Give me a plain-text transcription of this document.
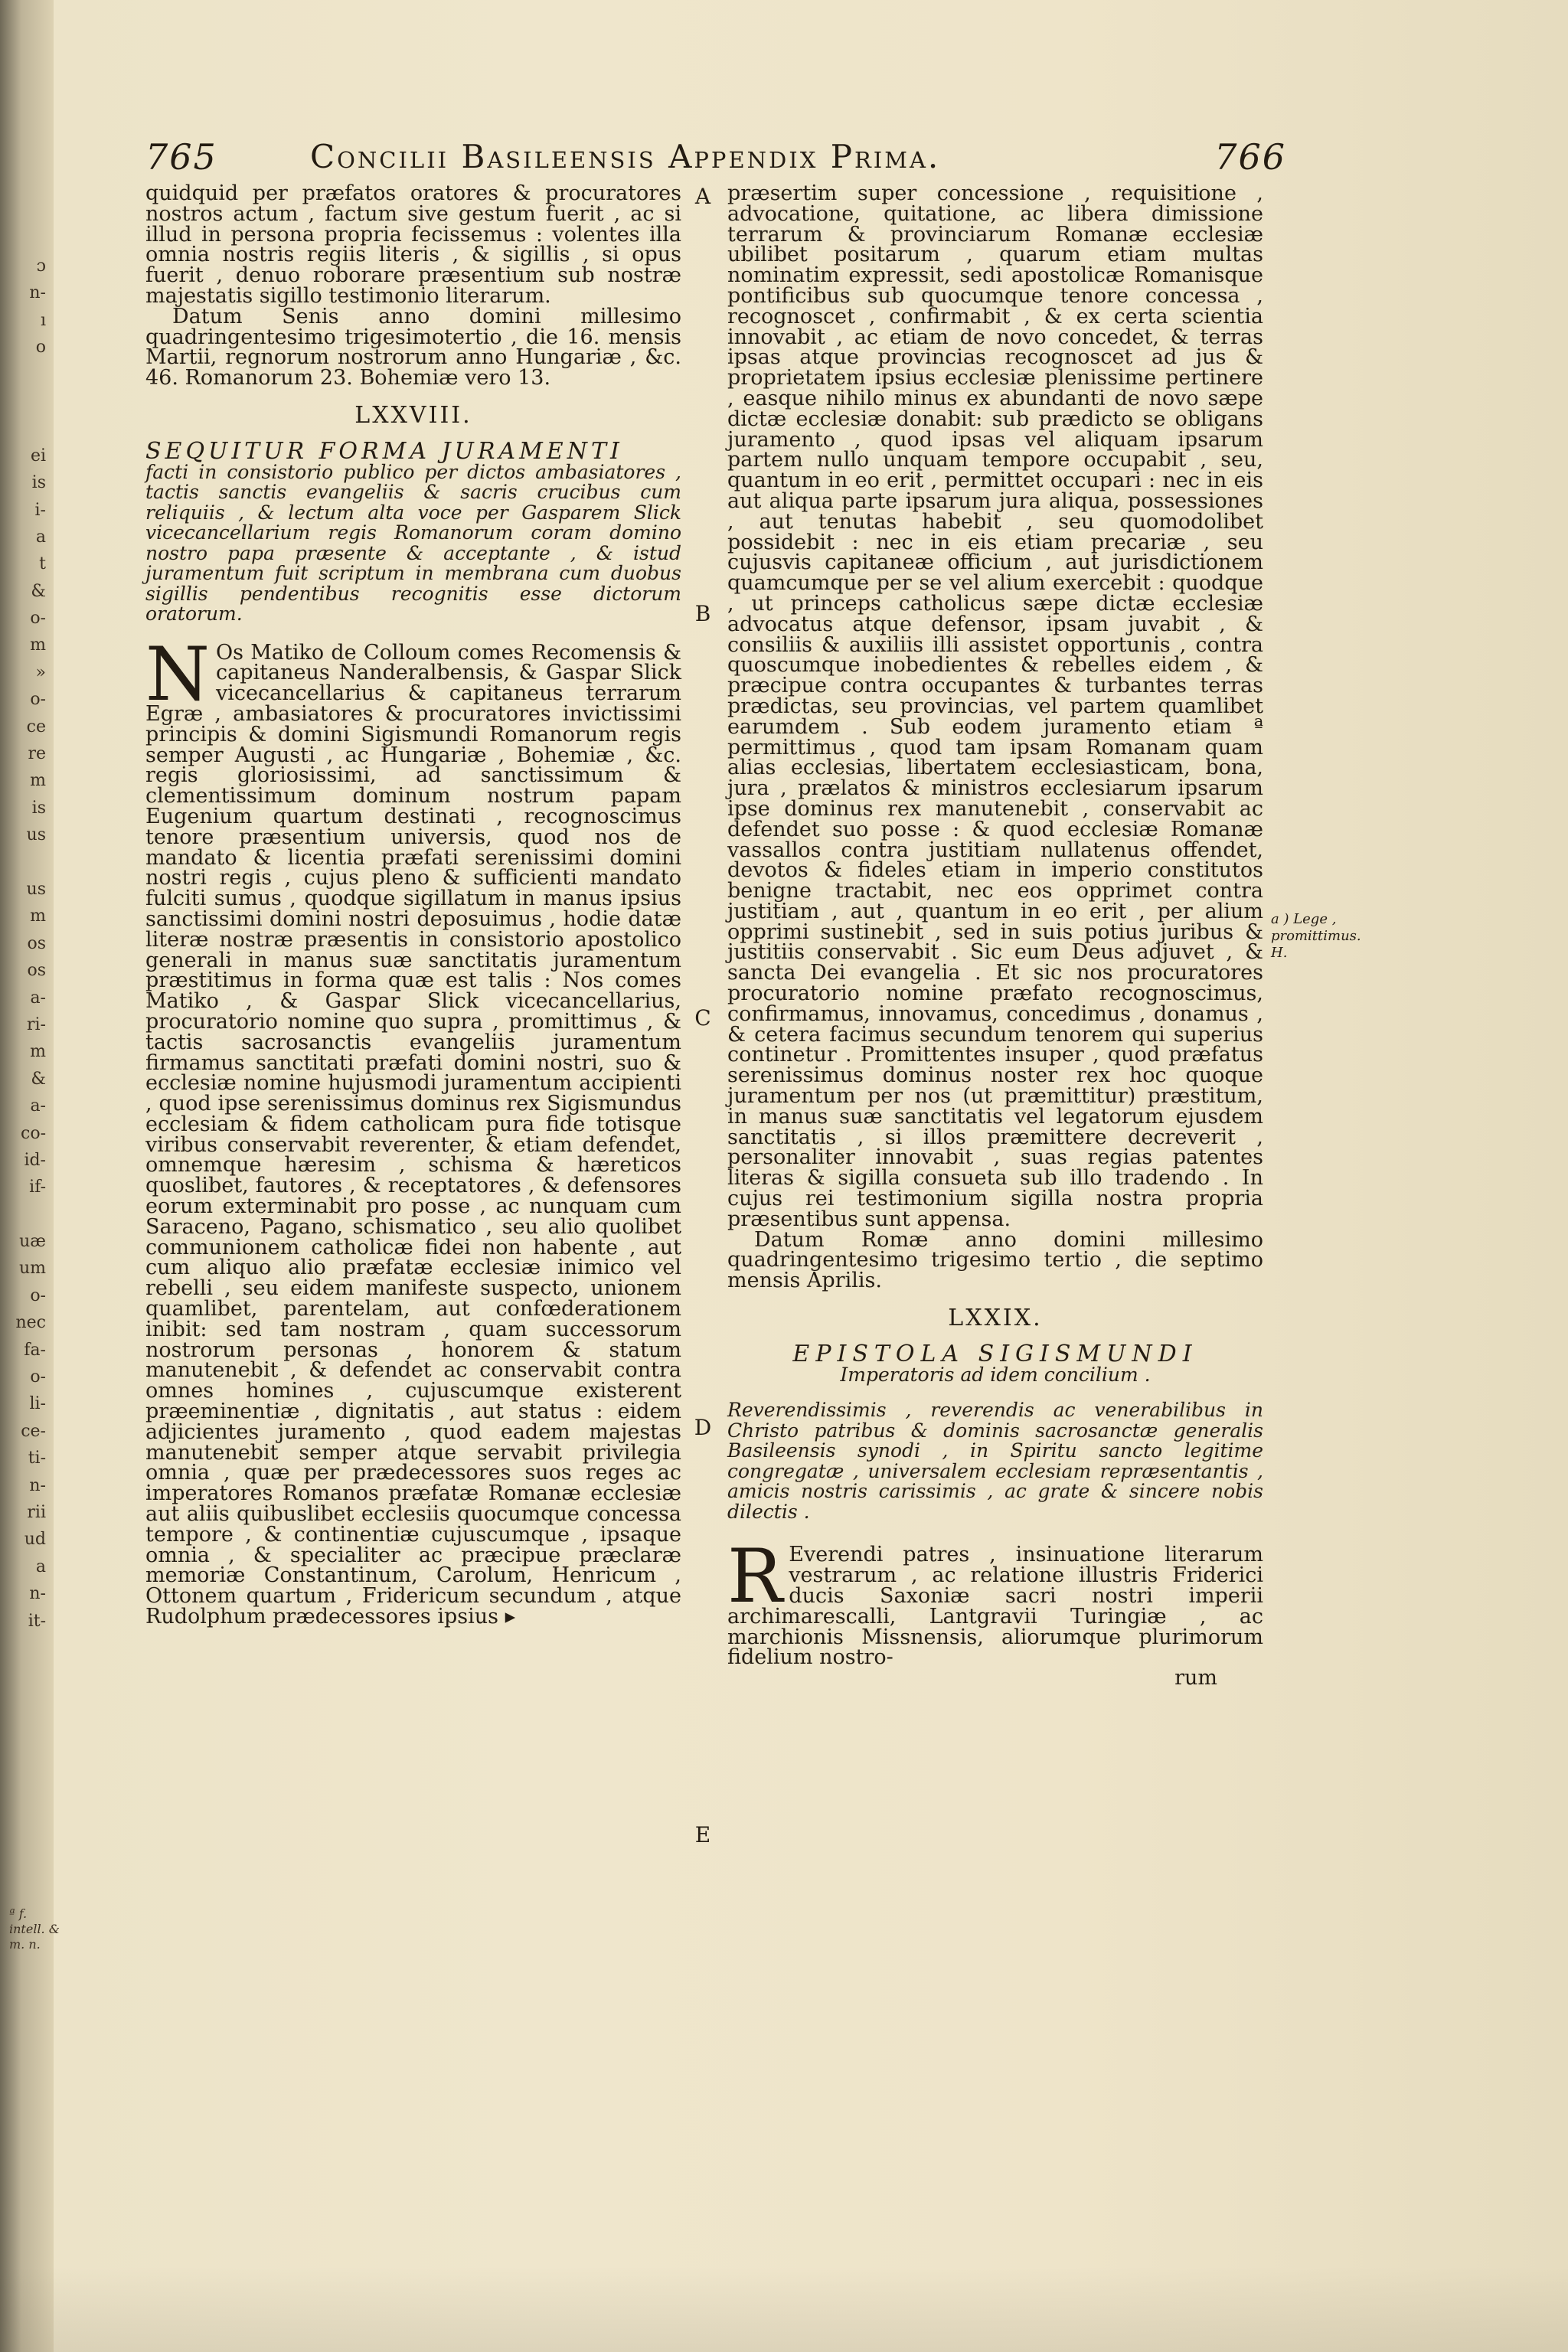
ɔ
n-
ı
o
ei
is
i-
a
t
&
o-
m
»
o-
ce
re
m
is
us
us
m
os
os
a-
ri-
m
&
a-
co-
id-
if-
uæ
um
o-
nec
fa-
o-
li-
ce-
ti-
n-
rii
ud
a
n-
it-
ª f. intell. & m. n.
765	Concilii Basileensis Appendix Prima.	766

quidquid per præfatos oratores & procuratores nostros actum , factum sive gestum fuerit , ac si illud in persona propria fecissemus : volentes illa omnia nostris regiis literis , & sigillis , si opus fuerit , denuo roborare præsentium sub nostræ majestatis sigillo testimonio literarum.

Datum Senis anno domini millesimo quadringentesimo trigesimotertio , die 16. mensis Martii, regnorum nostrorum anno Hungariæ , &c. 46. Romanorum 23. Bohemiæ vero 13.

LXXVIII.
SEQUITUR FORMA JURAMENTI
facti in consistorio publico per dictos ambasiatores , tactis sanctis evangeliis & sacris crucibus cum reliquiis , & lectum alta voce per Gasparem Slick vicecancellarium regis Romanorum coram domino nostro papa præsente & acceptante , & istud juramentum fuit scriptum in membrana cum duobus sigillis pendentibus recognitis esse dictorum oratorum.

N Os Matiko de Colloum comes Recomensis & capitaneus Nanderalbensis, & Gaspar Slick vicecancellarius & capitaneus terrarum Egræ , ambasiatores & procuratores invictissimi principis & domini Sigismundi Romanorum regis semper Augusti , ac Hungariæ , Bohemiæ , &c. regis gloriosissimi, ad sanctissimum & clementissimum dominum nostrum papam Eugenium quartum destinati , recognoscimus tenore præsentium universis, quod nos de mandato & licentia præfati serenissimi domini nostri regis , cujus pleno & sufficienti mandato fulciti sumus , quodque sigillatum in manus ipsius sanctissimi domini nostri deposuimus , hodie datæ literæ nostræ præsentis in consistorio apostolico generali in manus suæ sanctitatis juramentum præstitimus in forma quæ est talis : Nos comes Matiko , & Gaspar Slick vicecancellarius, procuratorio nomine quo supra , promittimus , & tactis sacrosanctis evangeliis juramentum firmamus sanctitati præfati domini nostri, suo & ecclesiæ nomine hujusmodi juramentum accipienti , quod ipse serenissimus dominus rex Sigismundus ecclesiam & fidem catholicam pura fide totisque viribus conservabit reverenter, & etiam defendet, omnemque hæresim , schisma & hæreticos quoslibet, fautores , & receptatores , & defensores eorum exterminabit pro posse , ac nunquam cum Saraceno, Pagano, schismatico , seu alio quolibet communionem catholicæ fidei non habente , aut cum aliquo alio præfatæ ecclesiæ inimico vel rebelli , seu eidem manifeste suspecto, unionem quamlibet, parentelam, aut confœderationem inibit: sed tam nostram , quam successorum nostrorum personas , honorem & statum manutenebit , & defendet ac conservabit contra omnes homines , cujuscumque existerent præeminentiæ , dignitatis , aut status : eidem adjicientes juramento , quod eadem majestas manutenebit semper atque servabit privilegia omnia , quæ per prædecessores suos reges ac imperatores Romanos præfatæ Romanæ ecclesiæ aut aliis quibuslibet ecclesiis quocumque concessa tempore , & continentiæ cujuscumque , ipsaque omnia , & specialiter ac præcipue præclaræ memoriæ Constantinum, Carolum, Henricum , Ottonem quartum , Fridericum secundum , atque Rudolphum prædecessores ipsius ▸

præsertim super concessione , requisitione , advocatione, quitatione, ac libera dimissione terrarum & provinciarum Romanæ ecclesiæ ubilibet positarum , quarum etiam multas nominatim expressit, sedi apostolicæ Romanisque pontificibus sub quocumque tenore concessa , recognoscet , confirmabit , & ex certa scientia innovabit , ac etiam de novo concedet, & terras ipsas atque provincias recognoscet ad jus & proprietatem ipsius ecclesiæ plenissime pertinere , easque nihilo minus ex abundanti de novo sæpe dictæ ecclesiæ donabit: sub prædicto se obligans juramento , quod ipsas vel aliquam ipsarum partem nullo unquam tempore occupabit , seu, quantum in eo erit , permittet occupari : nec in eis aut aliqua parte ipsarum jura aliqua, possessiones , aut tenutas habebit , seu quomodolibet possidebit : nec in eis etiam precariæ , seu cujusvis capitaneæ officium , aut jurisdictionem quamcumque per se vel alium exercebit : quodque , ut princeps catholicus sæpe dictæ ecclesiæ advocatus atque defensor, ipsam juvabit , & consiliis & auxiliis illi assistet opportunis , contra quoscumque inobedientes & rebelles eidem , & præcipue contra occupantes & turbantes terras prædictas, seu provincias, vel partem quamlibet earumdem . Sub eodem juramento etiam ª permittimus , quod tam ipsam Romanam quam alias ecclesias, libertatem ecclesiasticam, bona, jura , prælatos & ministros ecclesiarum ipsarum ipse dominus rex manutenebit , conservabit ac defendet suo posse : & quod ecclesiæ Romanæ vassallos contra justitiam nullatenus offendet, devotos & fideles etiam in imperio constitutos benigne tractabit, nec eos opprimet contra justitiam , aut , quantum in eo erit , per alium opprimi sustinebit , sed in suis potius juribus & justitiis conservabit . Sic eum Deus adjuvet , & sancta Dei evangelia . Et sic nos procuratores procuratorio nomine præfato recognoscimus, confirmamus, innovamus, concedimus , donamus , & cetera facimus secundum tenorem qui superius continetur . Promittentes insuper , quod præfatus serenissimus dominus noster rex hoc quoque juramentum per nos (ut præmittitur) præstitum, in manus suæ sanctitatis vel legatorum ejusdem sanctitatis , si illos præmittere decreverit , personaliter innovabit , suas regias patentes literas & sigilla consueta sub illo tradendo . In cujus rei testimonium sigilla nostra propria præsentibus sunt appensa.

Datum Romæ anno domini millesimo quadringentesimo trigesimo tertio , die septimo mensis Aprilis.

LXXIX.
EPISTOLA SIGISMUNDI
Imperatoris ad idem concilium .
Reverendissimis , reverendis ac venerabilibus in Christo patribus & dominis sacrosanctæ generalis Basileensis synodi , in Spiritu sancto legitime congregatæ , universalem ecclesiam repræsentantis , amicis nostris carissimis , ac grate & sincere nobis dilectis .

R Everendi patres , insinuatione literarum vestrarum , ac relatione illustris Friderici ducis Saxoniæ sacri nostri imperii archimarescalli, Lantgravii Turingiæ , ac marchionis Missnensis, aliorumque plurimorum fidelium nostro-

rum
A
B
C
D
E
a ) Lege , promittimus. H.
